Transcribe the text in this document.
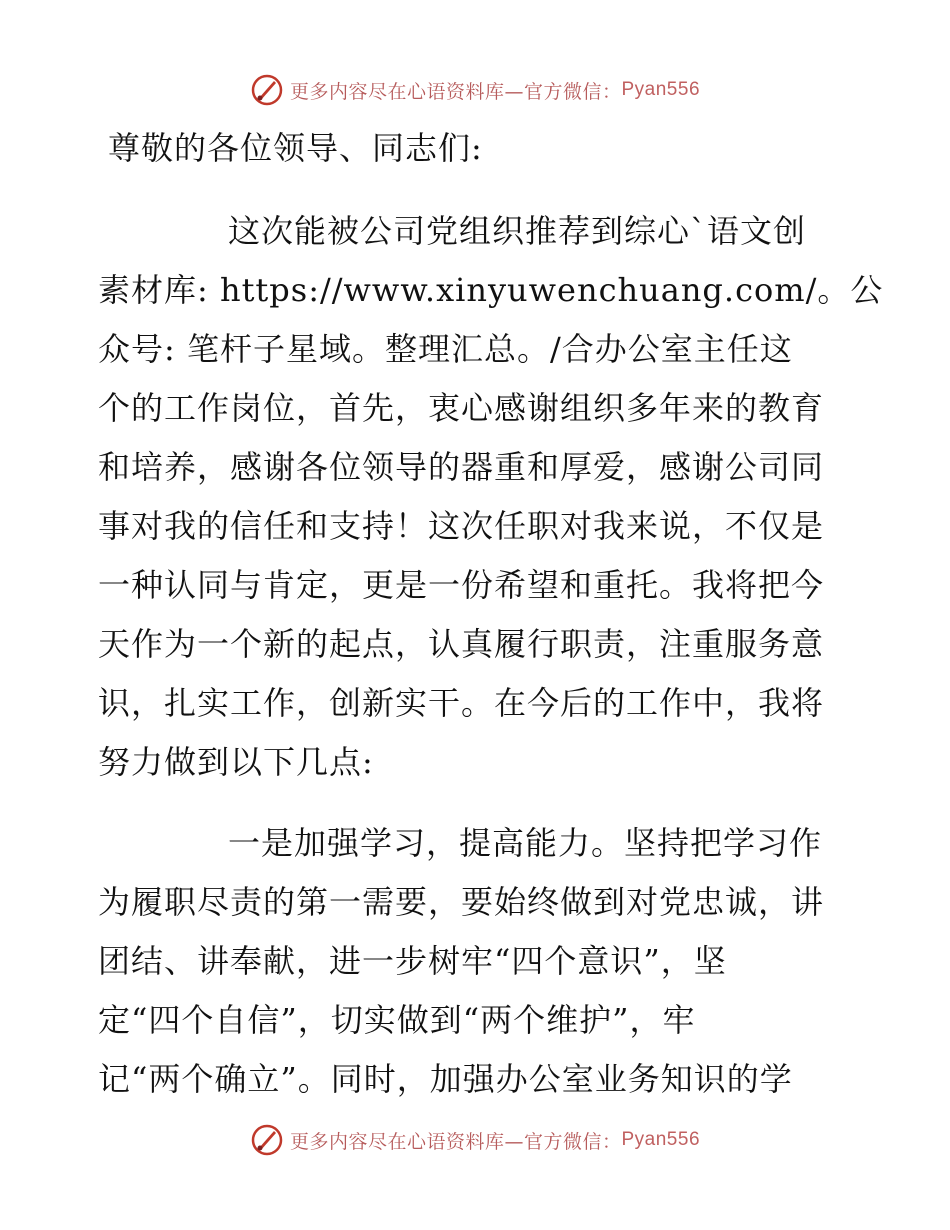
更多内容尽在心语资料库—官方微信： Pyan556
尊敬的各位领导、同志们:
这次能被公司党组织推荐到综心`语文创
素材库: https://www.xinyuwenchuang.com/。公
众号: 笔杆子星域。整理汇总。/合办公室主任这
个的工作岗位，首先，衷心感谢组织多年来的教育
和培养，感谢各位领导的器重和厚爱，感谢公司同
事对我的信任和支持！这次任职对我来说，不仅是
一种认同与肯定，更是一份希望和重托。我将把今
天作为一个新的起点，认真履行职责，注重服务意
识，扎实工作，创新实干。在今后的工作中，我将
努力做到以下几点:
一是加强学习，提高能力。坚持把学习作
为履职尽责的第一需要，要始终做到对党忠诚，讲
团结、讲奉献，进一步树牢“四个意识”，坚
定“四个自信”，切实做到“两个维护”，牢
记“两个确立”。同时，加强办公室业务知识的学
更多内容尽在心语资料库—官方微信： Pyan556
